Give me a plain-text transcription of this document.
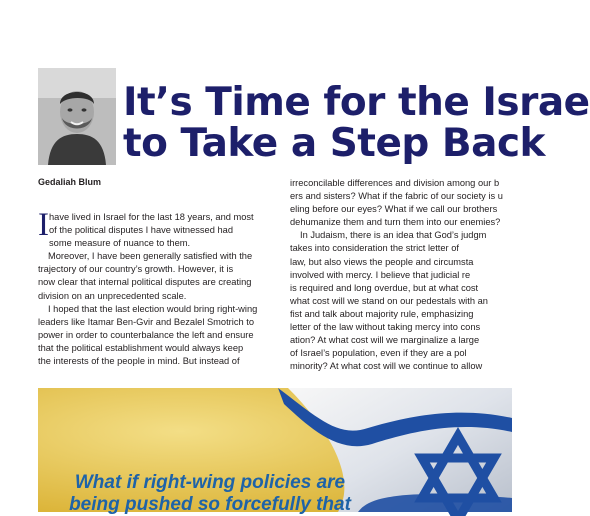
It’s Time for the Israe
to Take a Step Back
Gedaliah Blum
I have lived in Israel for the last 18 years, and most
of the political disputes I have witnessed had
some measure of nuance to them.

Moreover, I have been generally satisfied with the
trajectory of our country’s growth. However, it is
now clear that internal political disputes are creating
division on an unprecedented scale.

I hoped that the last election would bring right-wing
leaders like Itamar Ben-Gvir and Bezalel Smotrich to
power in order to counterbalance the left and ensure
that the political establishment would always keep
the interests of the people in mind. But instead of

irreconcilable differences and division among our b
ers and sisters? What if the fabric of our society is u
eling before our eyes? What if we call our brothers
dehumanize them and turn them into our enemies?

In Judaism, there is an idea that God’s judgm
takes into consideration the strict letter of
law, but also views the people and circumsta
involved with mercy. I believe that judicial re
is required and long overdue, but at what cost
what cost will we stand on our pedestals with an
fist and talk about majority rule, emphasizing
letter of the law without taking mercy into cons
ation? At what cost will we marginalize a large
of Israel’s population, even if they are a pol
minority? At what cost will we continue to allow

What if right-wing policies are being pushed so forcefully that
